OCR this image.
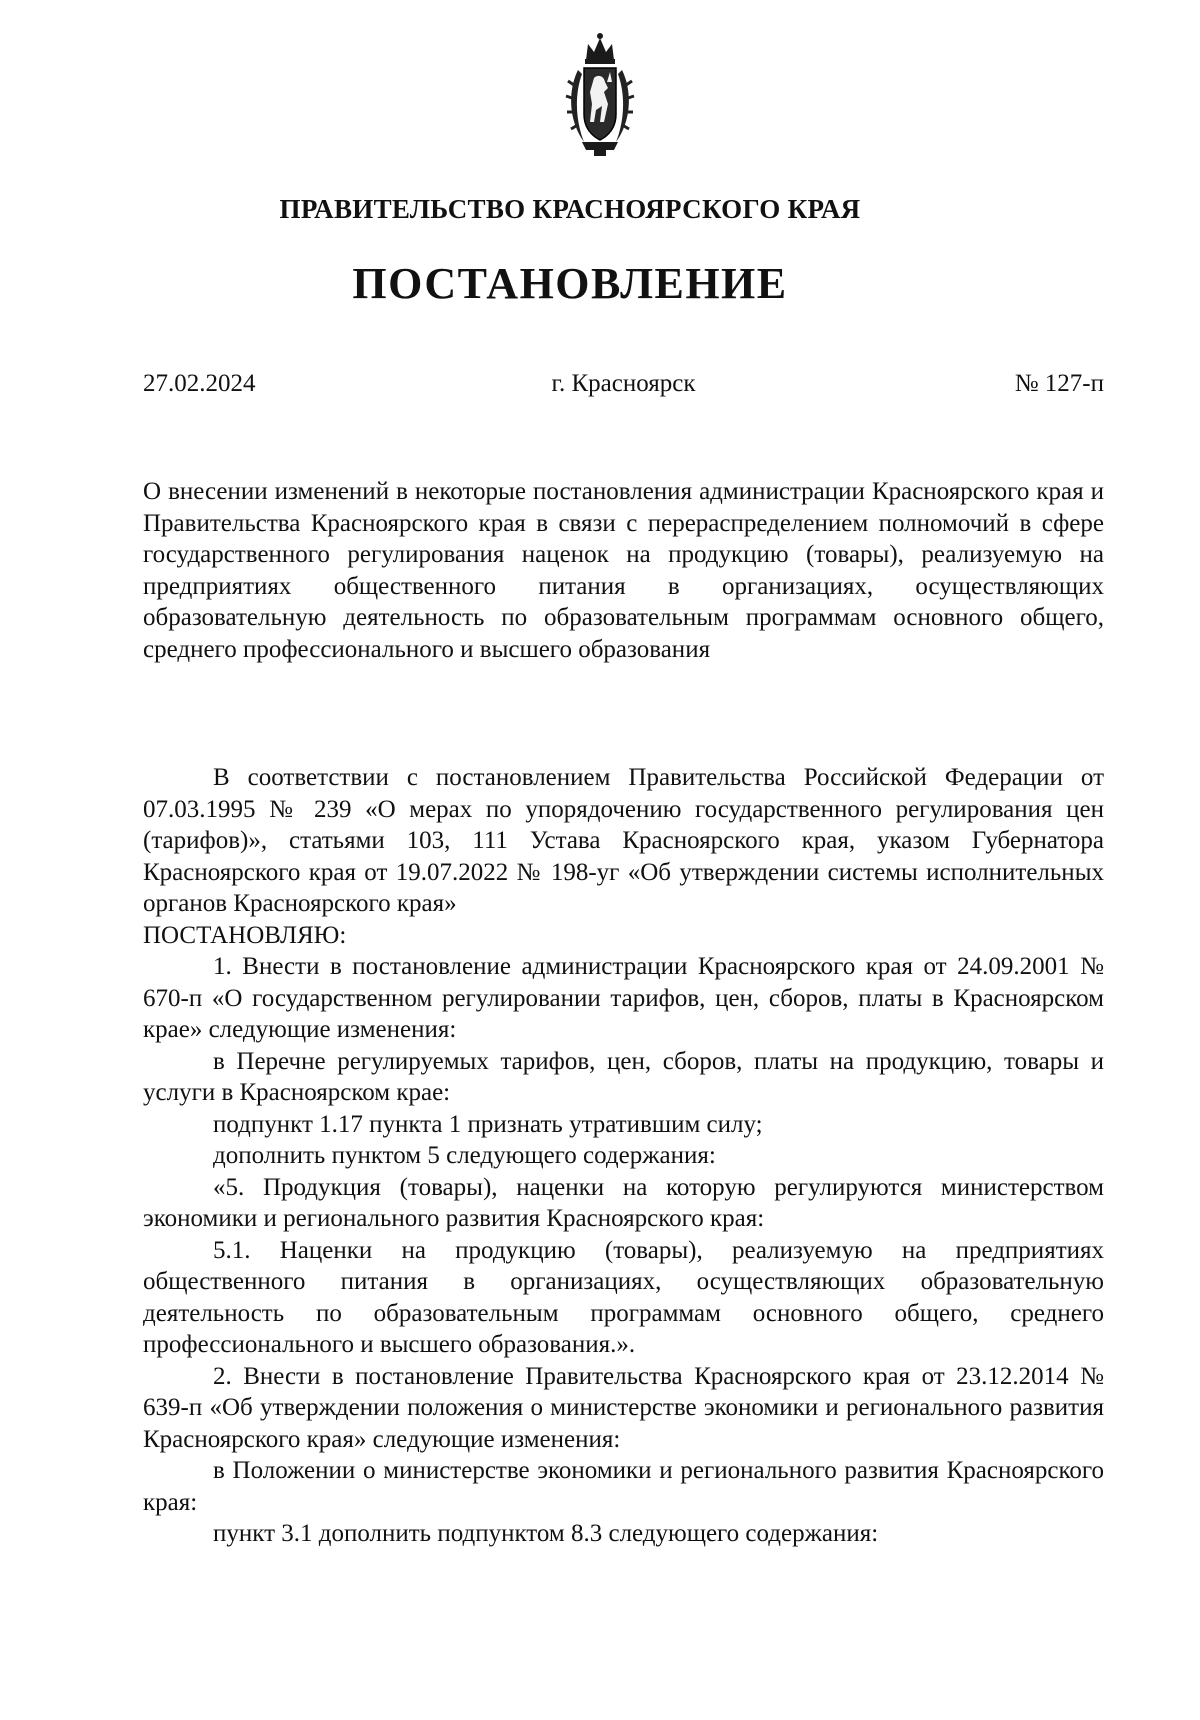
ПРАВИТЕЛЬСТВО КРАСНОЯРСКОГО КРАЯ
ПОСТАНОВЛЕНИЕ
27.02.2024	г. Красноярск	№ 127-п
О внесении изменений в некоторые постановления администрации Красноярского края и Правительства Красноярского края в связи с перераспределением полномочий в сфере государственного регулирования наценок на продукцию (товары), реализуемую на предприятиях общественного питания в организациях, осуществляющих образовательную деятельность по образовательным программам основного общего, среднего профессионального и высшего образования

В соответствии с постановлением Правительства Российской Федерации от 07.03.1995 № 239 «О мерах по упорядочению государственного регулирования цен (тарифов)», статьями 103, 111 Устава Красноярского края, указом Губернатора Красноярского края от 19.07.2022 № 198-уг «Об утверждении системы исполнительных органов Красноярского края»

ПОСТАНОВЛЯЮ:

1. Внести в постановление администрации Красноярского края от 24.09.2001 № 670-п «О государственном регулировании тарифов, цен, сборов, платы в Красноярском крае» следующие изменения:

в Перечне регулируемых тарифов, цен, сборов, платы на продукцию, товары и услуги в Красноярском крае:

подпункт 1.17 пункта 1 признать утратившим силу;

дополнить пунктом 5 следующего содержания:

«5. Продукция (товары), наценки на которую регулируются министерством экономики и регионального развития Красноярского края:

5.1. Наценки на продукцию (товары), реализуемую на предприятиях общественного питания в организациях, осуществляющих образовательную деятельность по образовательным программам основного общего, среднего профессионального и высшего образования.».

2. Внести в постановление Правительства Красноярского края от 23.12.2014 № 639-п «Об утверждении положения о министерстве экономики и регионального развития Красноярского края» следующие изменения:

в Положении о министерстве экономики и регионального развития Красноярского края:

пункт 3.1 дополнить подпунктом 8.3 следующего содержания:
